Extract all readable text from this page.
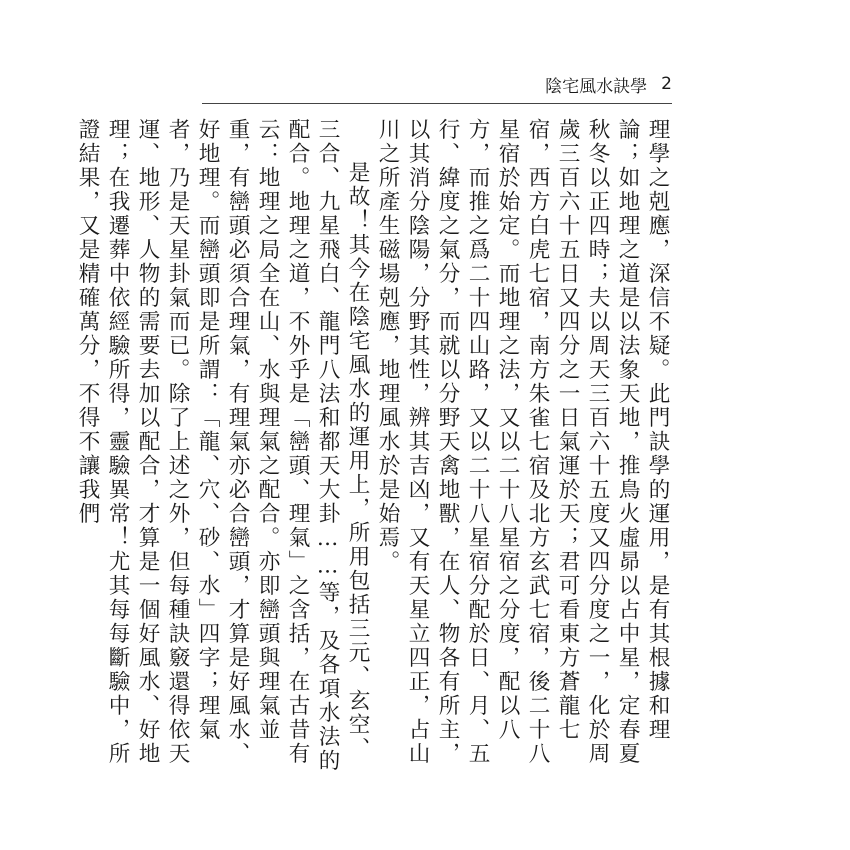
陰宅風水訣學 2

理學之剋應，深信不疑。此門訣學的運用，是有其根據和理論；如地理之道是以法象天地，推鳥火虛昴以占中星，定春夏秋冬以正四時；夫以周天三百六十五度又四分度之一，化於周歲三百六十五日又四分之一日氣運於天；君可看東方蒼龍七宿，西方白虎七宿，南方朱雀七宿及北方玄武七宿，後二十八星宿於始定。而地理之法，又以二十八星宿之分度，配以八方，而推之爲二十四山路，又以二十八星宿分配於日、月、五行、緯度之氣分，而就以分野天禽地獸，在人、物各有所主，以其消分陰陽，分野其性，辨其吉凶，又有天星立四正，占山川之所產生磁場剋應，地理風水於是始焉。

是故！其今在陰宅風水的運用上，所用包括三元、玄空、三合、九星飛白、龍門八法和都天大卦……等，及各項水法的配合。地理之道，不外乎是「巒頭、理氣」之含括，在古昔有云：地理之局全在山、水與理氣之配合。亦即巒頭與理氣並重，有巒頭必須合理氣，有理氣亦必合巒頭，才算是好風水、好地理。而巒頭即是所謂：「龍、穴、砂、水」四字；理氣者，乃是天星卦氣而已。除了上述之外，但每種訣竅還得依天運、地形、人物的需要去加以配合，才算是一個好風水、好地理；在我遷葬中依經驗所得，靈驗異常！尤其每每斷驗中，所證結果，又是精確萬分，不得不讓我們
